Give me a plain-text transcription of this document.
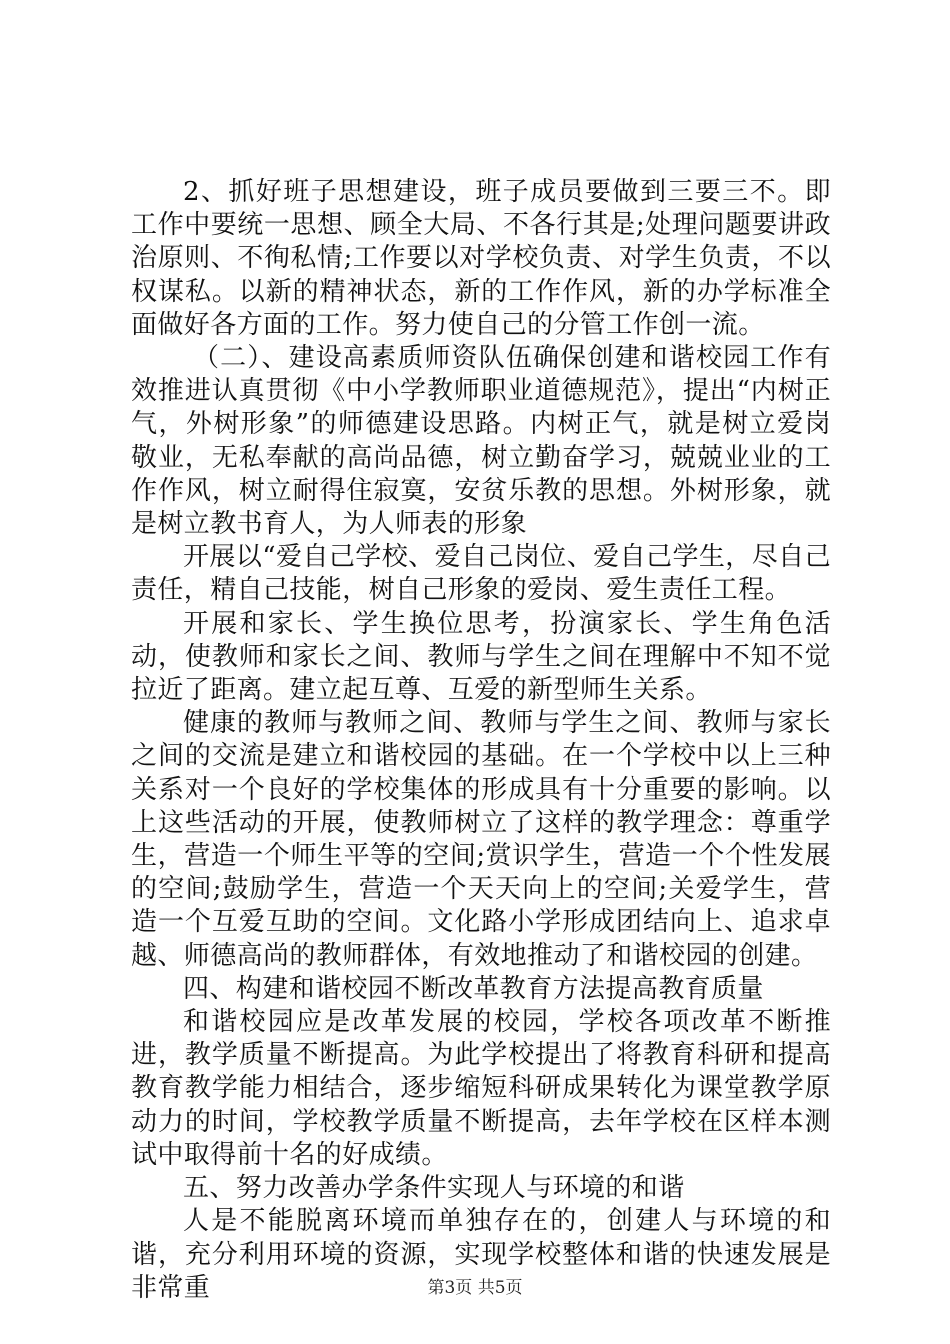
2、抓好班子思想建设，班子成员要做到三要三不。即工作中要统一思想、顾全大局、不各行其是;处理问题要讲政治原则、不徇私情;工作要以对学校负责、对学生负责，不以权谋私。以新的精神状态，新的工作作风，新的办学标准全面做好各方面的工作。努力使自己的分管工作创一流。

（二）、建设高素质师资队伍确保创建和谐校园工作有效推进认真贯彻《中小学教师职业道德规范》，提出“内树正气，外树形象”的师德建设思路。内树正气，就是树立爱岗敬业，无私奉献的高尚品德，树立勤奋学习，兢兢业业的工作作风，树立耐得住寂寞，安贫乐教的思想。外树形象，就是树立教书育人，为人师表的形象

开展以“爱自己学校、爱自己岗位、爱自己学生，尽自己责任，精自己技能，树自己形象的爱岗、爱生责任工程。

开展和家长、学生换位思考，扮演家长、学生角色活动，使教师和家长之间、教师与学生之间在理解中不知不觉拉近了距离。建立起互尊、互爱的新型师生关系。

健康的教师与教师之间、教师与学生之间、教师与家长之间的交流是建立和谐校园的基础。在一个学校中以上三种关系对一个良好的学校集体的形成具有十分重要的影响。以上这些活动的开展，使教师树立了这样的教学理念：尊重学生，营造一个师生平等的空间;赏识学生，营造一个个性发展的空间;鼓励学生，营造一个天天向上的空间;关爱学生，营造一个互爱互助的空间。文化路小学形成团结向上、追求卓越、师德高尚的教师群体，有效地推动了和谐校园的创建。

四、构建和谐校园不断改革教育方法提高教育质量

和谐校园应是改革发展的校园，学校各项改革不断推进，教学质量不断提高。为此学校提出了将教育科研和提高教育教学能力相结合，逐步缩短科研成果转化为课堂教学原动力的时间，学校教学质量不断提高，去年学校在区样本测试中取得前十名的好成绩。

五、努力改善办学条件实现人与环境的和谐

人是不能脱离环境而单独存在的，创建人与环境的和谐，充分利用环境的资源，实现学校整体和谐的快速发展是非常重	第3页 共5页
